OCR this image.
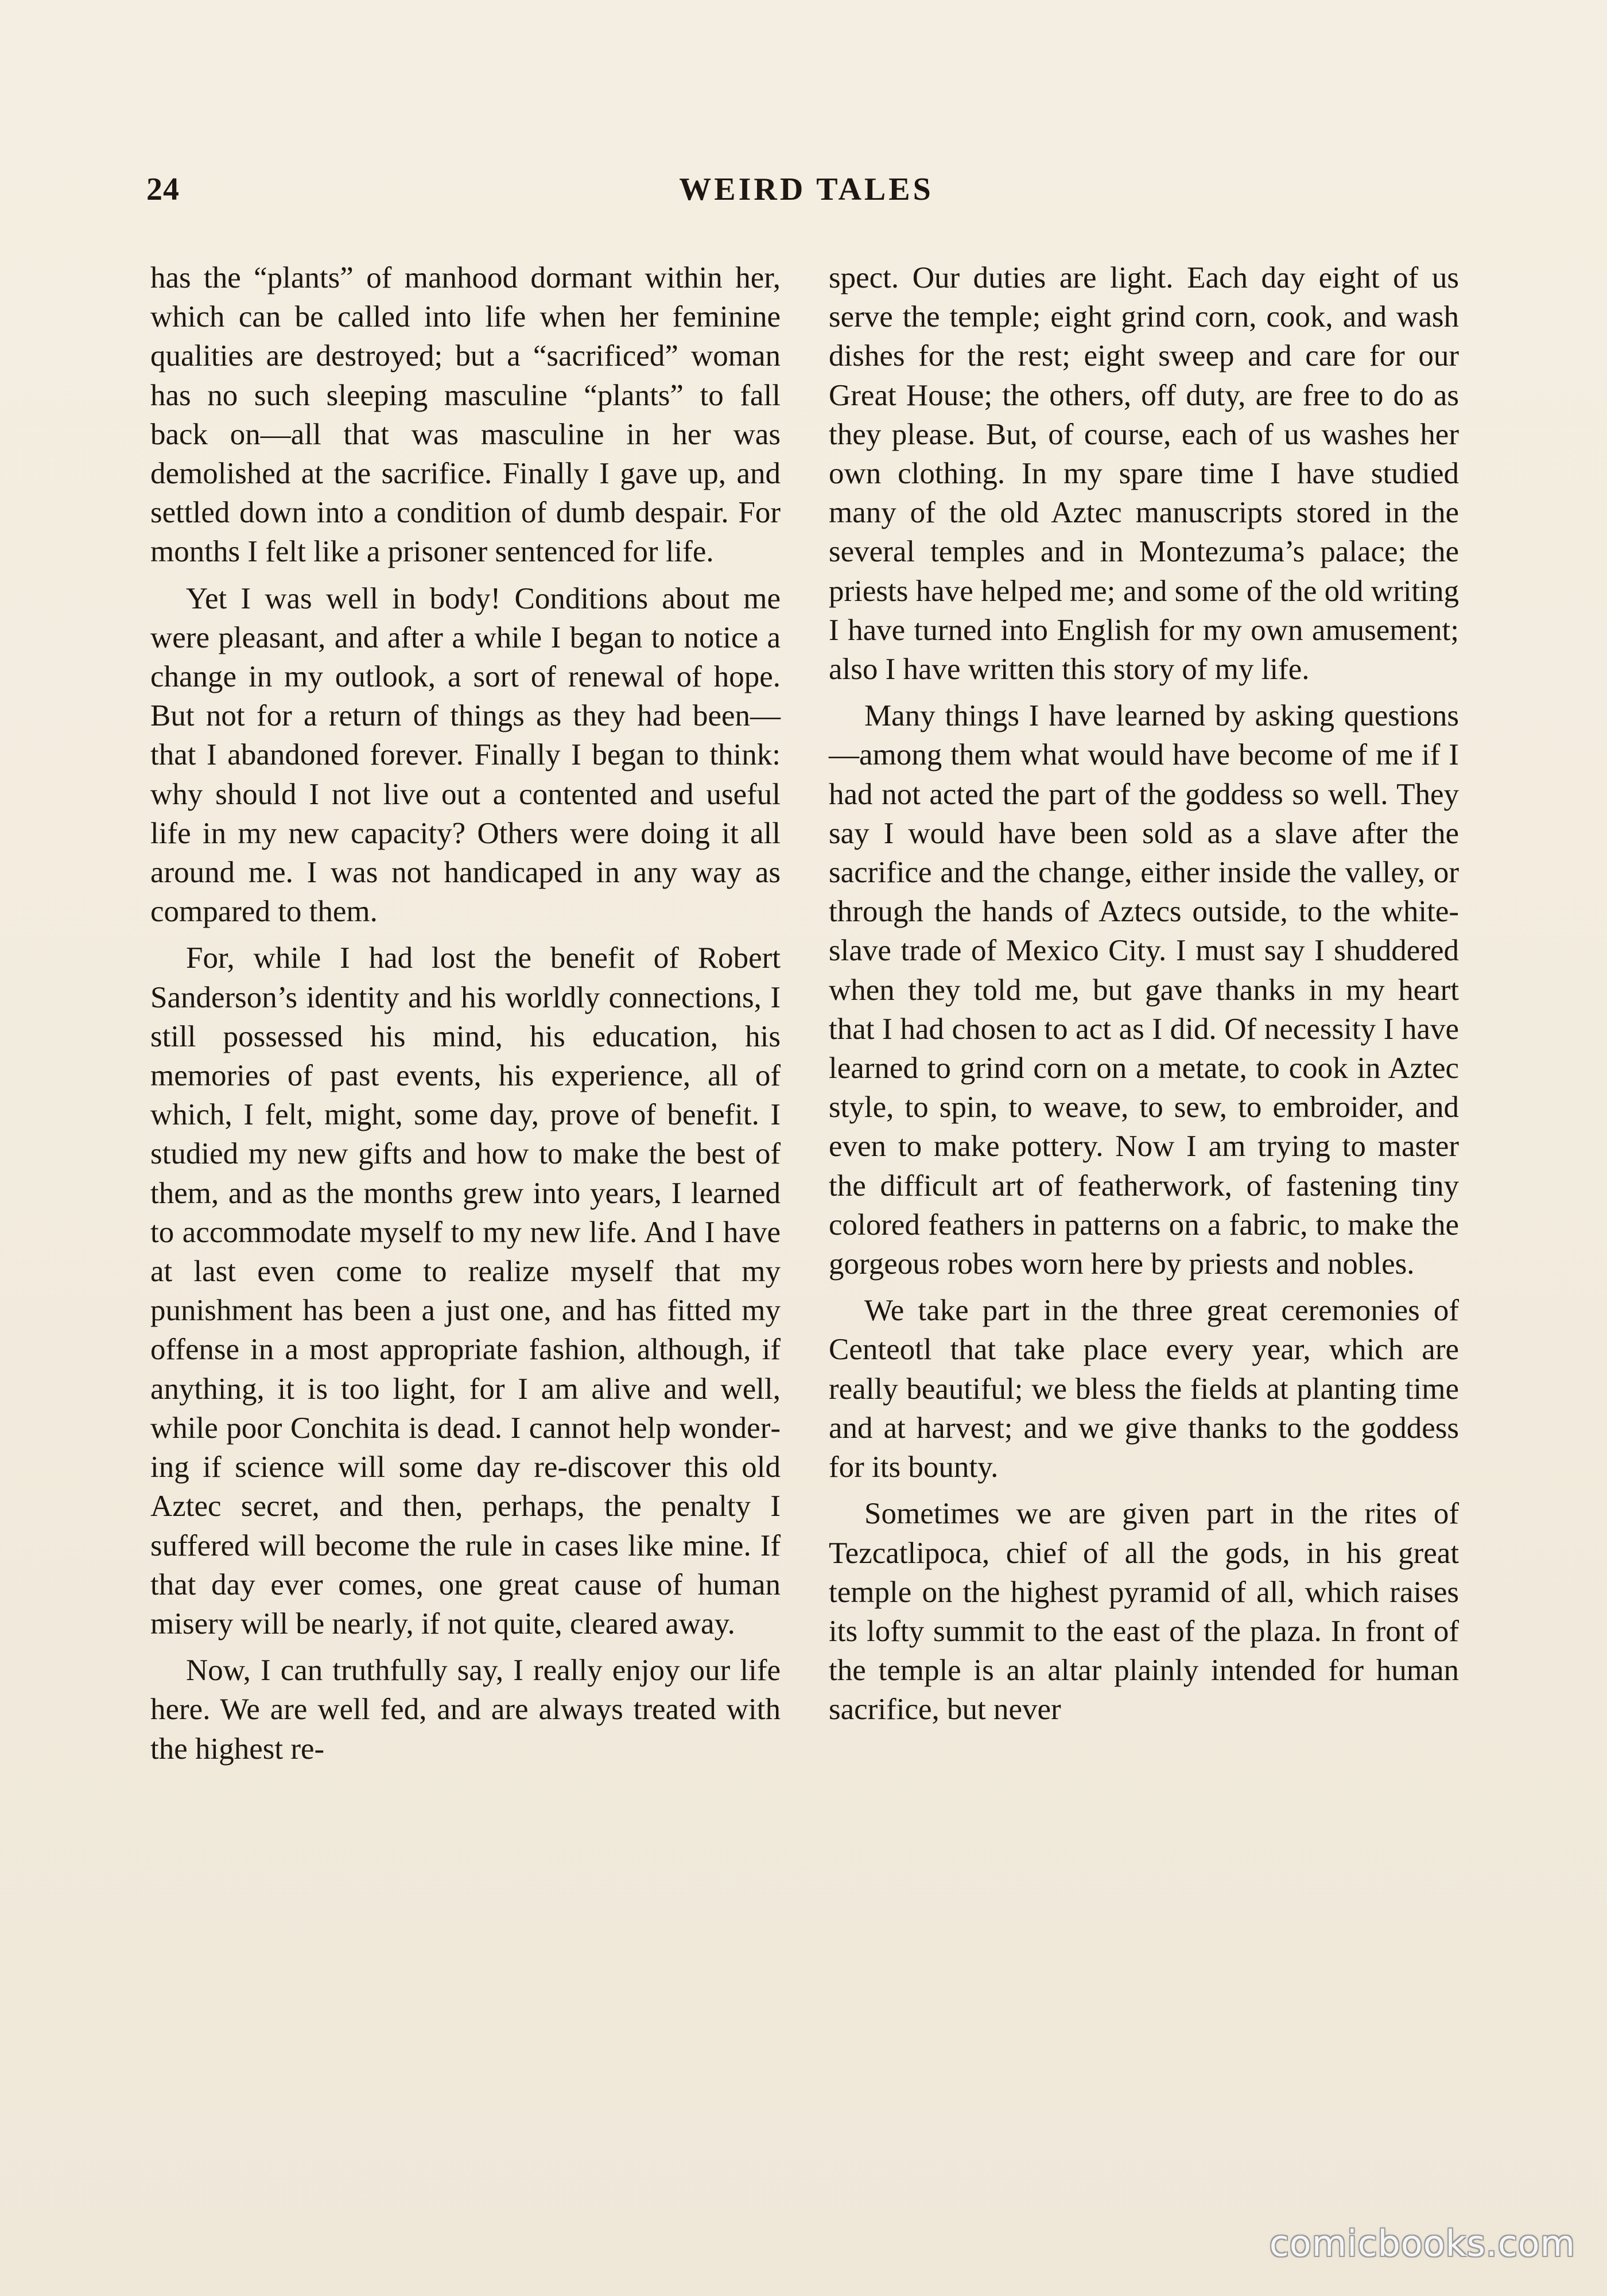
24	WEIRD TALES

has the “plants” of manhood dormant within her, which can be called into life when her feminine qualities are destroyed; but a “sacrificed” woman has no such sleeping masculine “plants” to fall back on—all that was masculine in her was demolished at the sacrifice. Finally I gave up, and settled down into a condition of dumb despair. For months I felt like a prisoner sentenced for life.

Yet I was well in body! Conditions about me were pleasant, and after a while I began to notice a change in my outlook, a sort of renewal of hope. But not for a return of things as they had been—that I abandoned forever. Finally I began to think: why should I not live out a contented and useful life in my new capacity? Others were doing it all around me. I was not handicaped in any way as compared to them.

For, while I had lost the benefit of Robert Sanderson’s identity and his worldly connections, I still possessed his mind, his education, his memories of past events, his experience, all of which, I felt, might, some day, prove of benefit. I studied my new gifts and how to make the best of them, and as the months grew into years, I learned to accommodate myself to my new life. And I have at last even come to realize myself that my punishment has been a just one, and has fitted my offense in a most appropriate fashion, although, if anything, it is too light, for I am alive and well, while poor Conchita is dead. I cannot help wondering if science will some day re-discover this old Aztec secret, and then, perhaps, the penalty I suffered will become the rule in cases like mine. If that day ever comes, one great cause of human misery will be nearly, if not quite, cleared away.

Now, I can truthfully say, I really enjoy our life here. We are well fed, and are always treated with the highest re-

spect. Our duties are light. Each day eight of us serve the temple; eight grind corn, cook, and wash dishes for the rest; eight sweep and care for our Great House; the others, off duty, are free to do as they please. But, of course, each of us washes her own clothing. In my spare time I have studied many of the old Aztec manuscripts stored in the several temples and in Montezuma’s palace; the priests have helped me; and some of the old writing I have turned into English for my own amusement; also I have written this story of my life.

Many things I have learned by asking questions—among them what would have become of me if I had not acted the part of the goddess so well. They say I would have been sold as a slave after the sacrifice and the change, either inside the valley, or through the hands of Aztecs outside, to the white-slave trade of Mexico City. I must say I shuddered when they told me, but gave thanks in my heart that I had chosen to act as I did. Of necessity I have learned to grind corn on a metate, to cook in Aztec style, to spin, to weave, to sew, to embroider, and even to make pottery. Now I am trying to master the difficult art of featherwork, of fastening tiny colored feathers in patterns on a fabric, to make the gorgeous robes worn here by priests and nobles.

We take part in the three great ceremonies of Centeotl that take place every year, which are really beautiful; we bless the fields at planting time and at harvest; and we give thanks to the goddess for its bounty.

Sometimes we are given part in the rites of Tezcatlipoca, chief of all the gods, in his great temple on the highest pyramid of all, which raises its lofty summit to the east of the plaza. In front of the temple is an altar plainly intended for human sacrifice, but never

comicbooks.com
